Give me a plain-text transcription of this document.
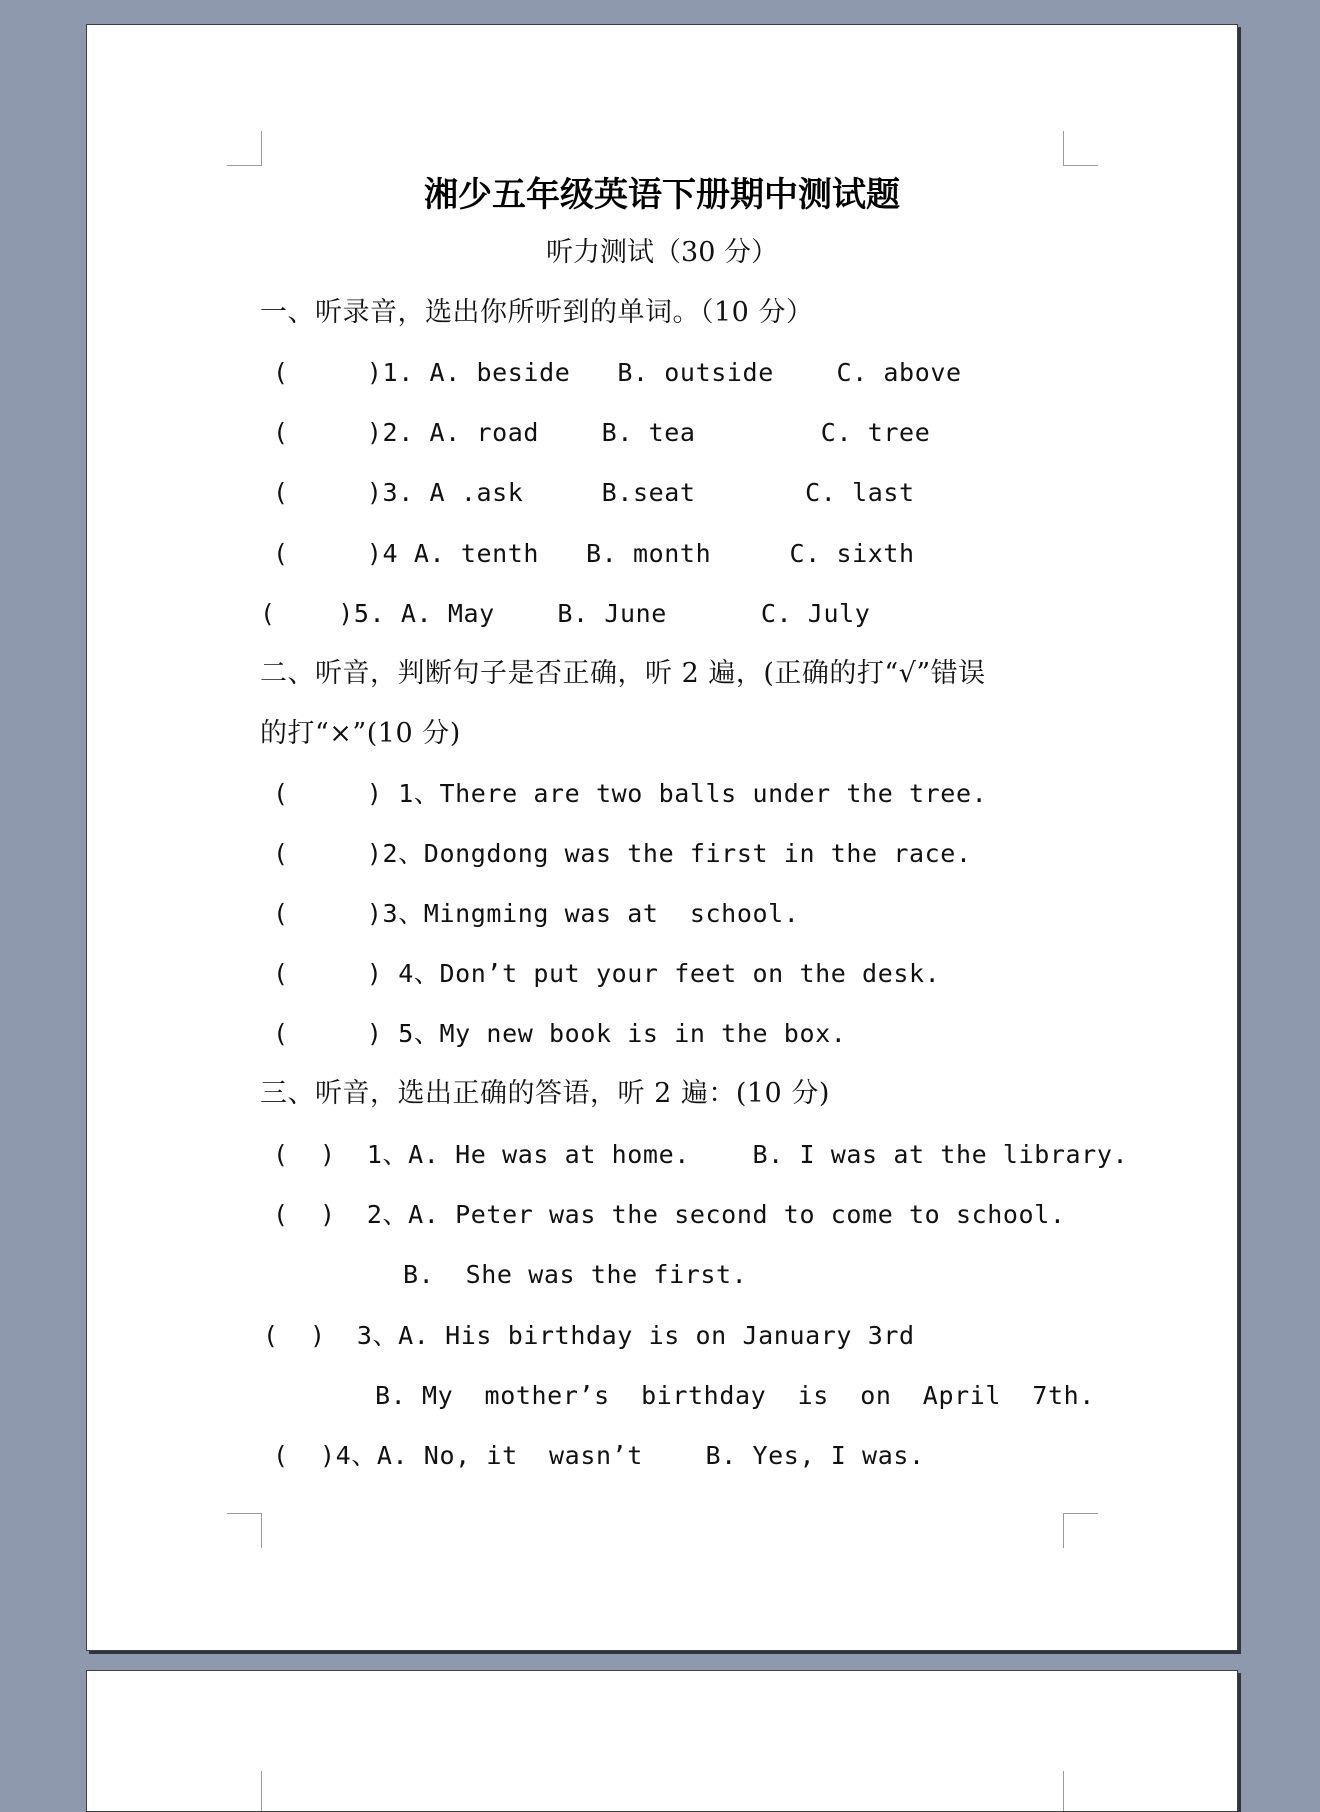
湘少五年级英语下册期中测试题
听力测试（30 分）
一、听录音，选出你所听到的单词。（10 分）
(     )1. A. beside   B. outside    C. above
(     )2. A. road    B. tea        C. tree
(     )3. A .ask     B.seat       C. last
(     )4 A. tenth   B. month     C. sixth
(    )5. A. May    B. June      C. July
二、听音，判断句子是否正确，听 2 遍，(正确的打“√”错误
的打“×”(10 分)
(     ) 1、There are two balls under the tree.
(     )2、Dongdong was the first in the race.
(     )3、Mingming was at  school.
(     ) 4、Don’t put your feet on the desk.
(     ) 5、My new book is in the box.
三、听音，选出正确的答语，听 2 遍：(10 分)
(  )  1、A. He was at home.    B. I was at the library.
(  )  2、A. Peter was the second to come to school.
B.  She was the first.
(  )  3、A. His birthday is on January 3rd
B. My  mother’s  birthday  is  on  April  7th.
(  )4、A. No, it  wasn’t    B. Yes, I was.
